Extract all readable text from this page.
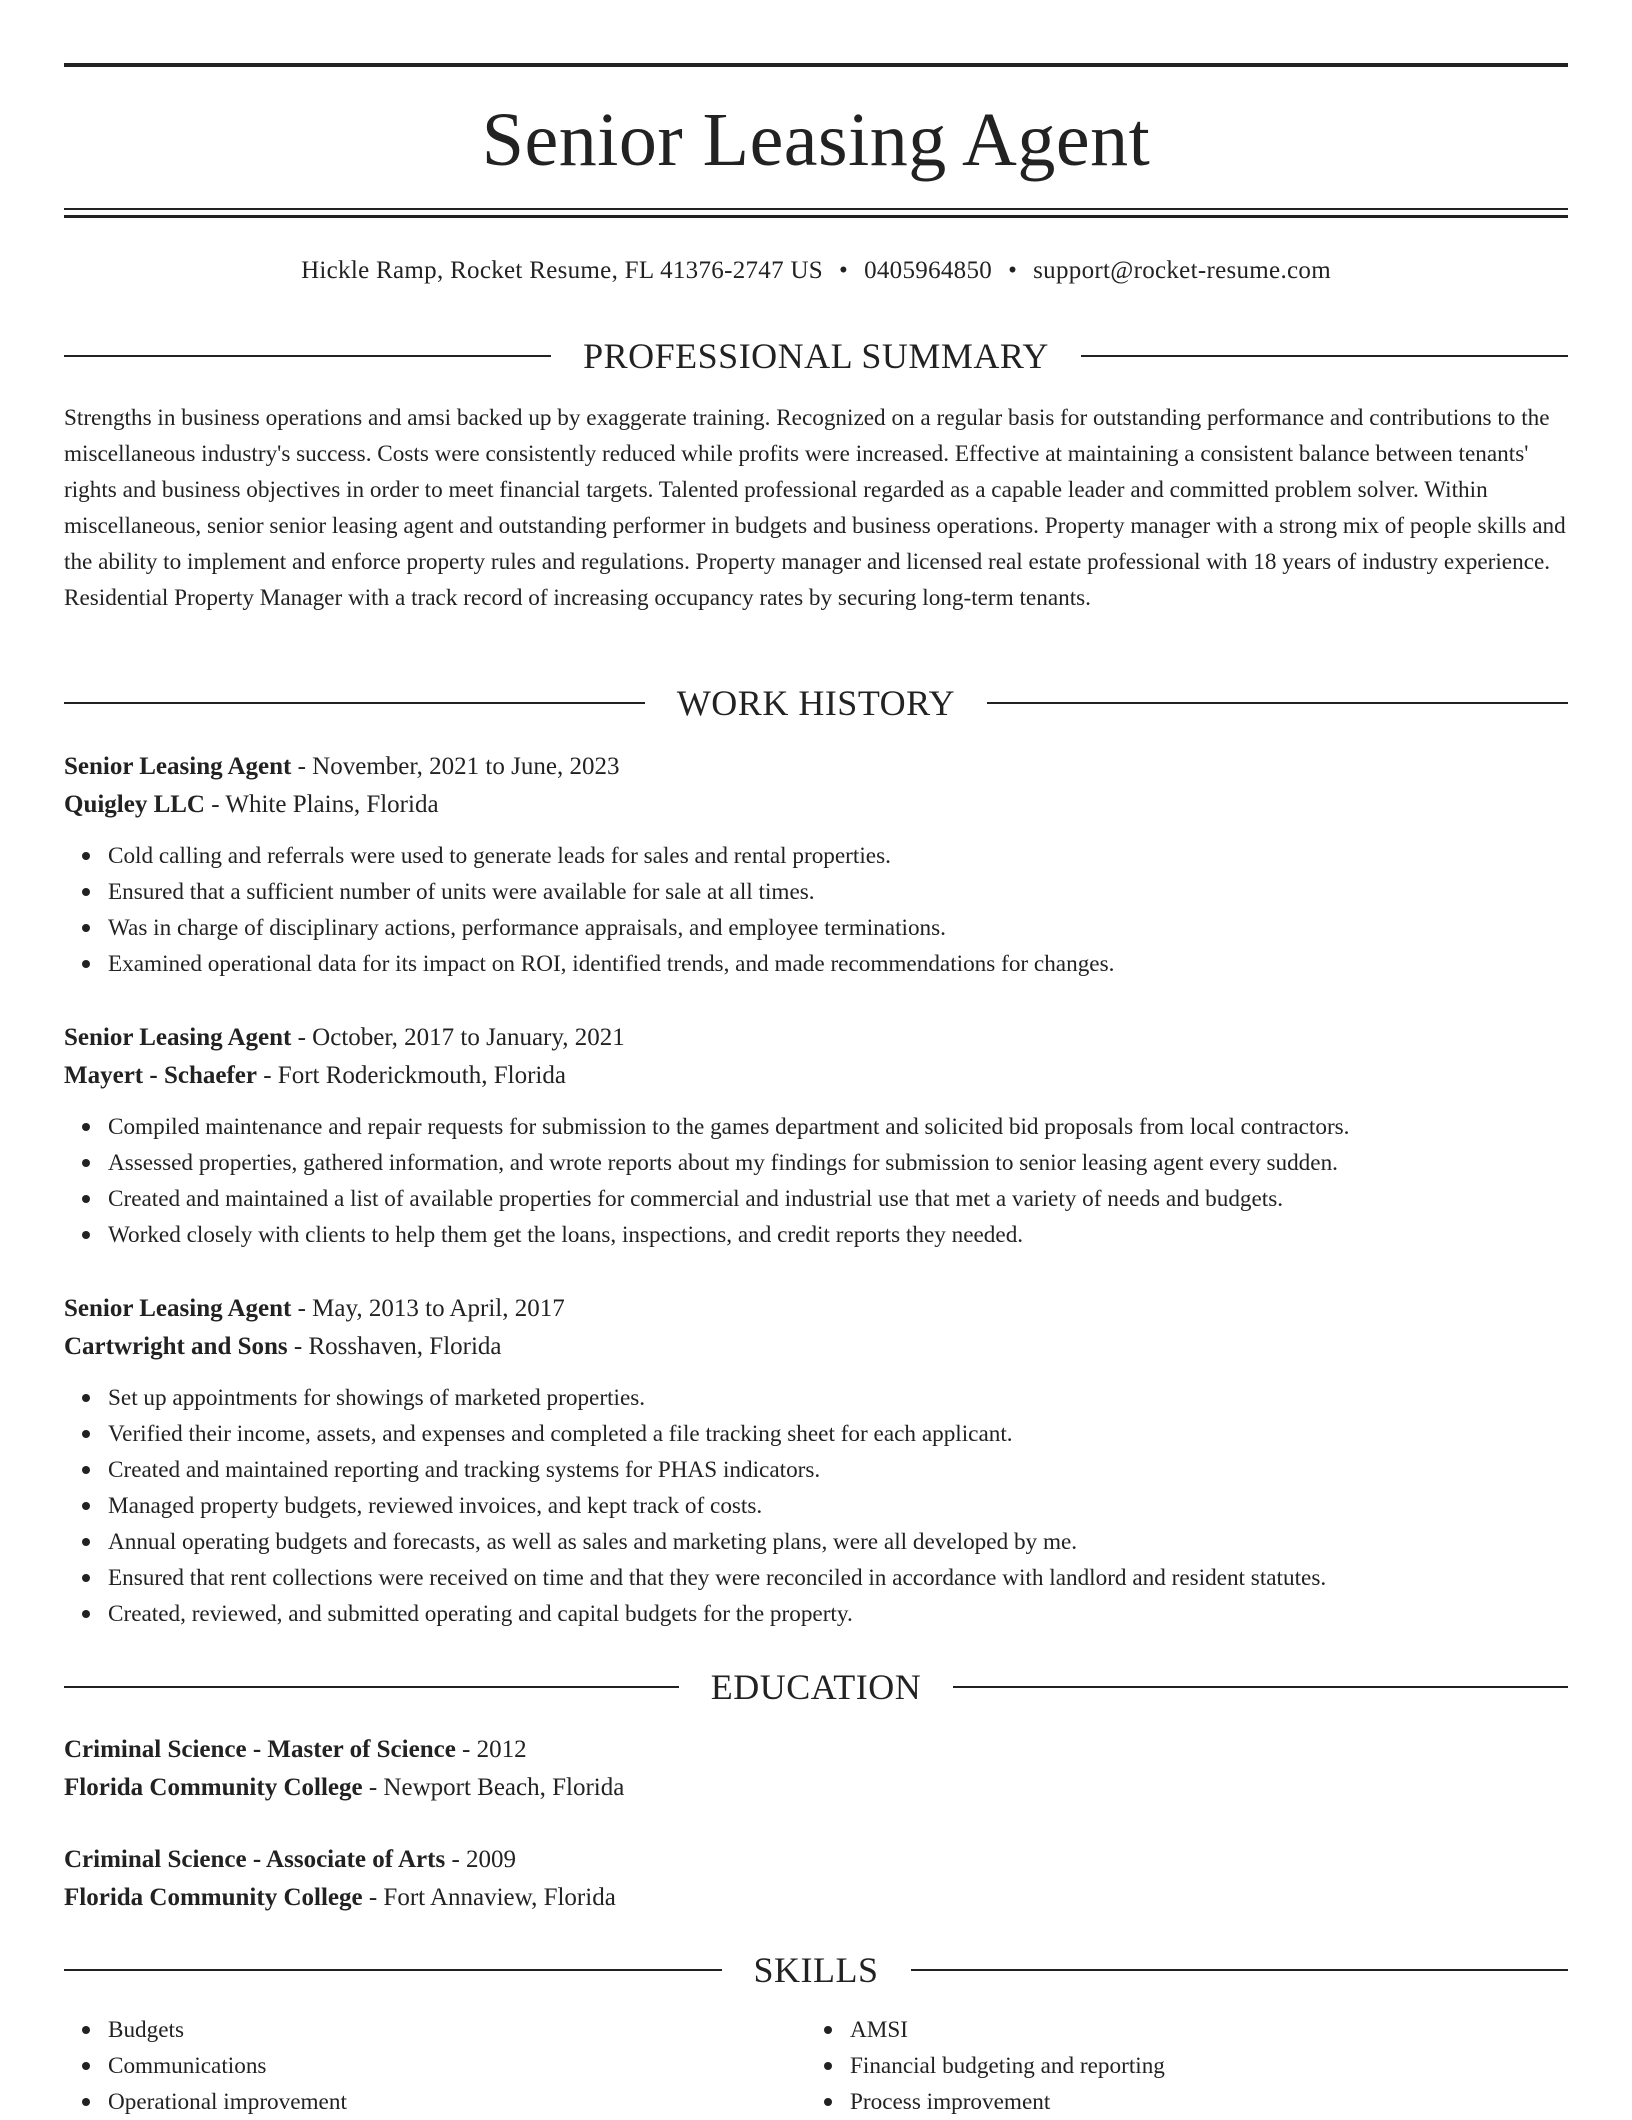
Senior Leasing Agent
Hickle Ramp, Rocket Resume, FL 41376-2747 US • 0405964850 • support@rocket-resume.com
PROFESSIONAL SUMMARY

Strengths in business operations and amsi backed up by exaggerate training. Recognized on a regular basis for outstanding performance and contributions to the miscellaneous industry's success. Costs were consistently reduced while profits were increased. Effective at maintaining a consistent balance between tenants' rights and business objectives in order to meet financial targets. Talented professional regarded as a capable leader and committed problem solver. Within miscellaneous, senior senior leasing agent and outstanding performer in budgets and business operations. Property manager with a strong mix of people skills and the ability to implement and enforce property rules and regulations. Property manager and licensed real estate professional with 18 years of industry experience. Residential Property Manager with a track record of increasing occupancy rates by securing long-term tenants.

WORK HISTORY
Senior Leasing Agent - November, 2021 to June, 2023
Quigley LLC - White Plains, Florida
Cold calling and referrals were used to generate leads for sales and rental properties.
Ensured that a sufficient number of units were available for sale at all times.
Was in charge of disciplinary actions, performance appraisals, and employee terminations.
Examined operational data for its impact on ROI, identified trends, and made recommendations for changes.
Senior Leasing Agent - October, 2017 to January, 2021
Mayert - Schaefer - Fort Roderickmouth, Florida
Compiled maintenance and repair requests for submission to the games department and solicited bid proposals from local contractors.
Assessed properties, gathered information, and wrote reports about my findings for submission to senior leasing agent every sudden.
Created and maintained a list of available properties for commercial and industrial use that met a variety of needs and budgets.
Worked closely with clients to help them get the loans, inspections, and credit reports they needed.
Senior Leasing Agent - May, 2013 to April, 2017
Cartwright and Sons - Rosshaven, Florida
Set up appointments for showings of marketed properties.
Verified their income, assets, and expenses and completed a file tracking sheet for each applicant.
Created and maintained reporting and tracking systems for PHAS indicators.
Managed property budgets, reviewed invoices, and kept track of costs.
Annual operating budgets and forecasts, as well as sales and marketing plans, were all developed by me.
Ensured that rent collections were received on time and that they were reconciled in accordance with landlord and resident statutes.
Created, reviewed, and submitted operating and capital budgets for the property.
EDUCATION
Criminal Science - Master of Science - 2012
Florida Community College - Newport Beach, Florida
Criminal Science - Associate of Arts - 2009
Florida Community College - Fort Annaview, Florida
SKILLS
Budgets
Communications
Operational improvement
AMSI
Financial budgeting and reporting
Process improvement
